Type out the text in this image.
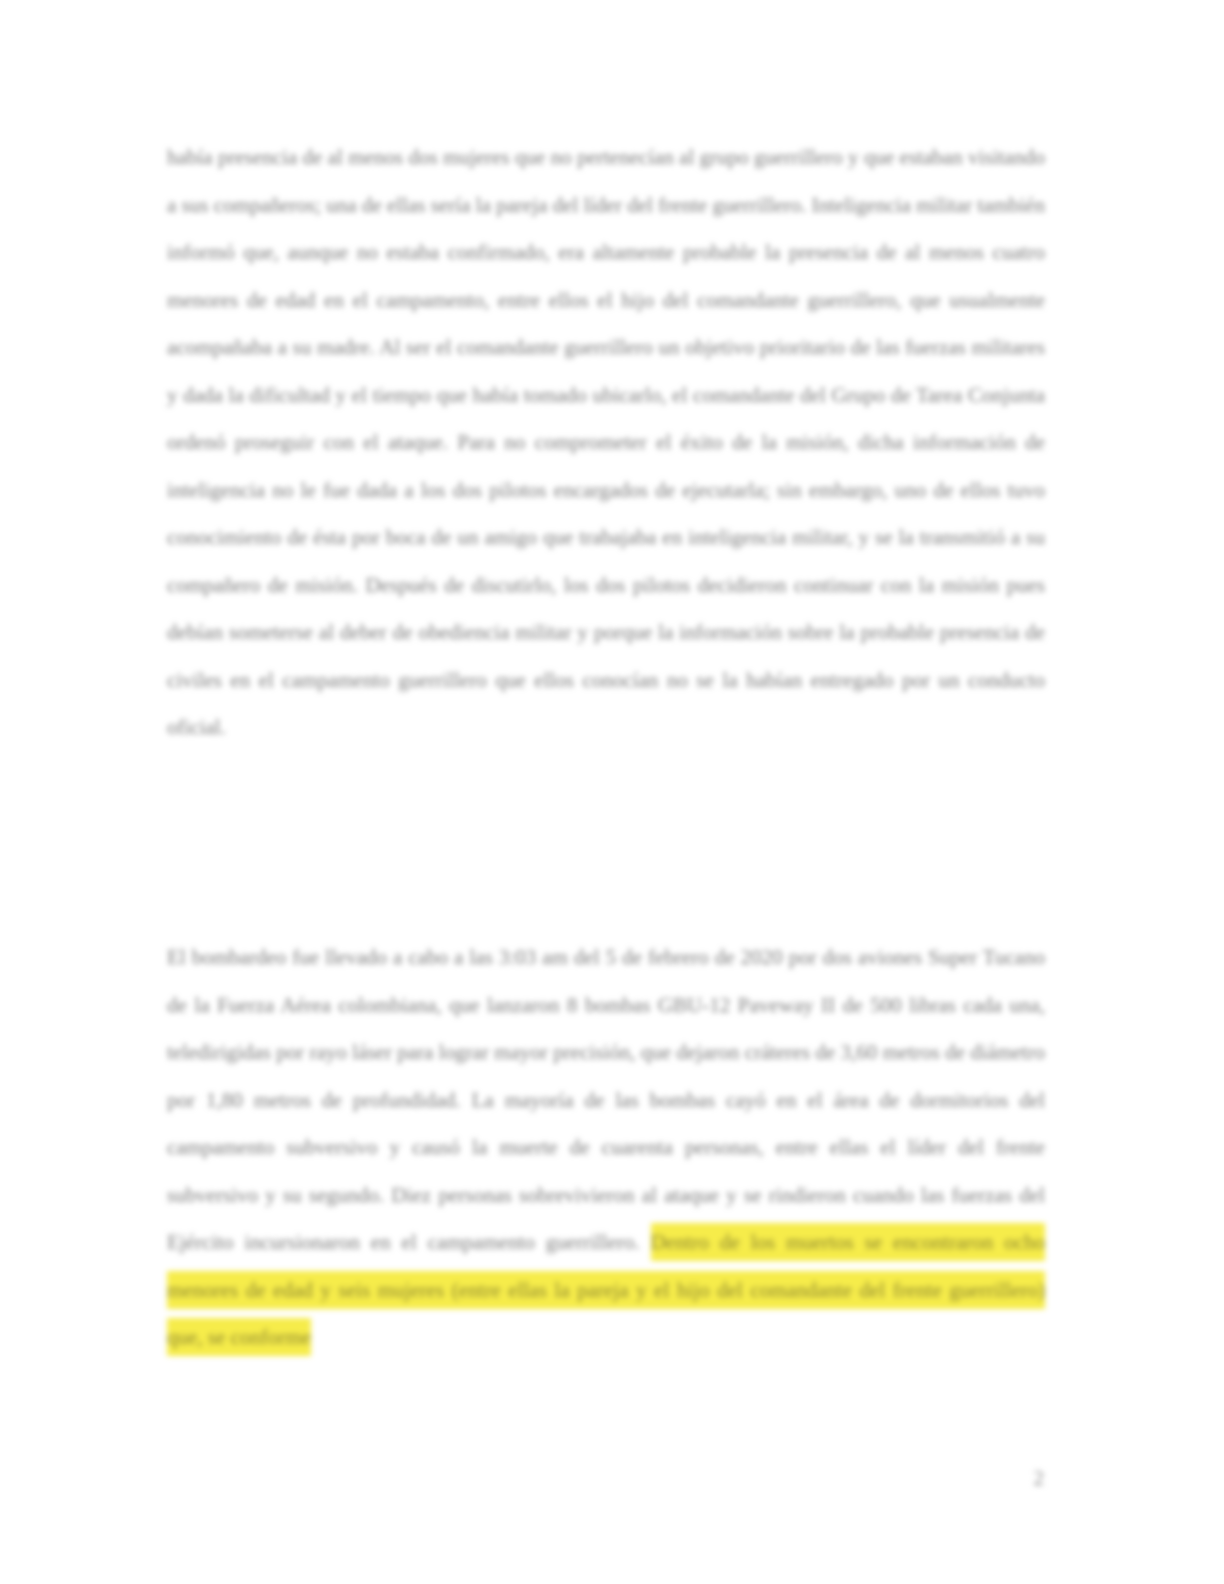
había presencia de al menos dos mujeres que no pertenecían al grupo guerrillero y que estaban visitando a sus compañeros; una de ellas sería la pareja del líder del frente guerrillero. Inteligencia militar también informó que, aunque no estaba confirmado, era altamente probable la presencia de al menos cuatro menores de edad en el campamento, entre ellos el hijo del comandante guerrillero, que usualmente acompañaba a su madre. Al ser el comandante guerrillero un objetivo prioritario de las fuerzas militares y dada la dificultad y el tiempo que había tomado ubicarlo, el comandante del Grupo de Tarea Conjunta ordenó proseguir con el ataque. Para no comprometer el éxito de la misión, dicha información de inteligencia no le fue dada a los dos pilotos encargados de ejecutarla; sin embargo, uno de ellos tuvo conocimiento de ésta por boca de un amigo que trabajaba en inteligencia militar, y se la transmitió a su compañero de misión. Después de discutirlo, los dos pilotos decidieron continuar con la misión pues debían someterse al deber de obediencia militar y porque la información sobre la probable presencia de civiles en el campamento guerrillero que ellos conocían no se la habían entregado por un conducto oficial.
El bombardeo fue llevado a cabo a las 3:03 am del 5 de febrero de 2020 por dos aviones Super Tucano de la Fuerza Aérea colombiana, que lanzaron 8 bombas GBU-12 Paveway II de 500 libras cada una, teledirigidas por rayo láser para lograr mayor precisión, que dejaron cráteres de 3,60 metros de diámetro por 1,80 metros de profundidad. La mayoría de las bombas cayó en el área de dormitorios del campamento subversivo y causó la muerte de cuarenta personas, entre ellas el líder del frente subversivo y su segundo. Diez personas sobrevivieron al ataque y se rindieron cuando las fuerzas del Ejército incursionaron en el campamento guerrillero. Dentro de los muertos se encontraron ocho menores de edad y seis mujeres (entre ellas la pareja y el hijo del comandante del frente guerrillero) que, se conforme
2
